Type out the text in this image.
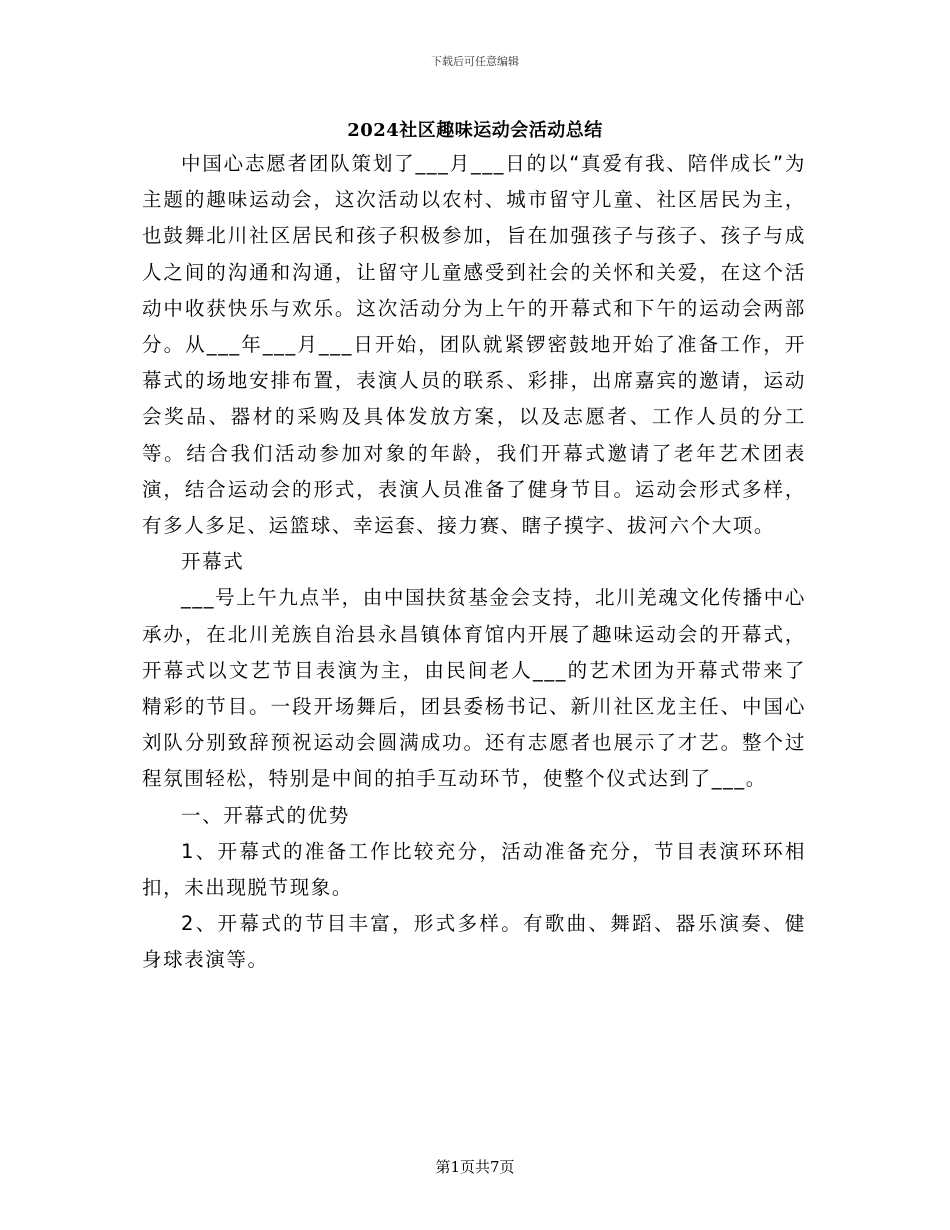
下载后可任意编辑
2024社区趣味运动会活动总结

中国心志愿者团队策划了___月___日的以“真爱有我、陪伴成长”为主题的趣味运动会，这次活动以农村、城市留守儿童、社区居民为主，也鼓舞北川社区居民和孩子积极参加，旨在加强孩子与孩子、孩子与成人之间的沟通和沟通，让留守儿童感受到社会的关怀和关爱，在这个活动中收获快乐与欢乐。这次活动分为上午的开幕式和下午的运动会两部分。从___年___月___日开始，团队就紧锣密鼓地开始了准备工作，开幕式的场地安排布置，表演人员的联系、彩排，出席嘉宾的邀请，运动会奖品、器材的采购及具体发放方案，以及志愿者、工作人员的分工等。结合我们活动参加对象的年龄，我们开幕式邀请了老年艺术团表演，结合运动会的形式，表演人员准备了健身节目。运动会形式多样，有多人多足、运篮球、幸运套、接力赛、瞎子摸字、拔河六个大项。

开幕式

___号上午九点半，由中国扶贫基金会支持，北川羌魂文化传播中心承办，在北川羌族自治县永昌镇体育馆内开展了趣味运动会的开幕式，开幕式以文艺节目表演为主，由民间老人___的艺术团为开幕式带来了精彩的节目。一段开场舞后，团县委杨书记、新川社区龙主任、中国心刘队分别致辞预祝运动会圆满成功。还有志愿者也展示了才艺。整个过程氛围轻松，特别是中间的拍手互动环节，使整个仪式达到了___。

一、开幕式的优势

1、开幕式的准备工作比较充分，活动准备充分，节目表演环环相扣，未出现脱节现象。

2、开幕式的节目丰富，形式多样。有歌曲、舞蹈、器乐演奏、健身球表演等。

第1页共7页
